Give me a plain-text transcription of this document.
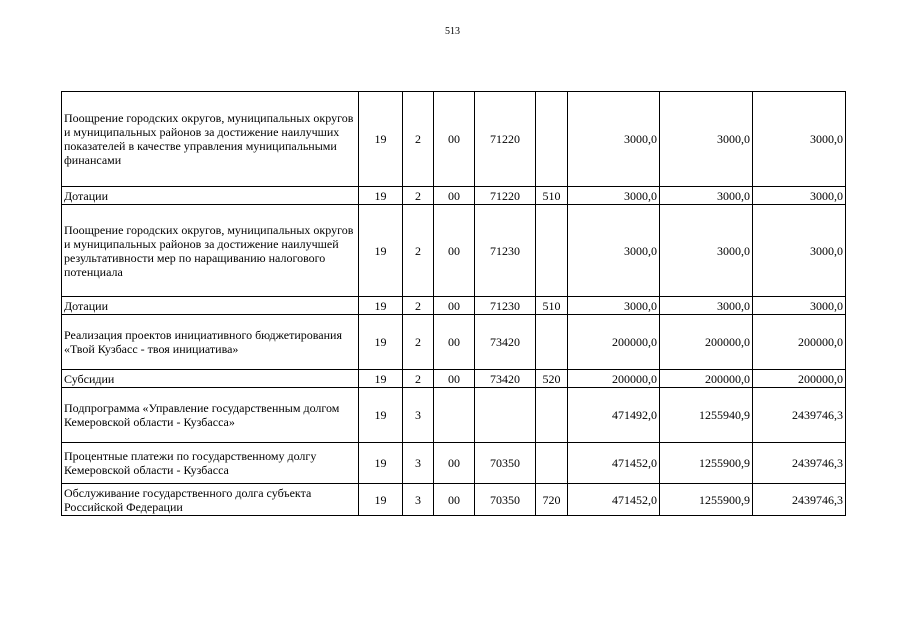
513
Поощрение городских округов, муниципальных округов и муниципальных районов за достижение наилучших показателей в качестве управления муниципальными финансами	19	2	00	71220		3000,0	3000,0	3000,0
Дотации	19	2	00	71220	510	3000,0	3000,0	3000,0
Поощрение городских округов, муниципальных округов и муниципальных районов за достижение наилучшей результативности мер по наращиванию налогового потенциала	19	2	00	71230		3000,0	3000,0	3000,0
Дотации	19	2	00	71230	510	3000,0	3000,0	3000,0
Реализация проектов инициативного бюджетирования «Твой Кузбасс - твоя инициатива»	19	2	00	73420		200000,0	200000,0	200000,0
Субсидии	19	2	00	73420	520	200000,0	200000,0	200000,0
Подпрограмма «Управление государственным долгом Кемеровской области - Кузбасса»	19	3				471492,0	1255940,9	2439746,3
Процентные платежи по государственному долгу Кемеровской области - Кузбасса	19	3	00	70350		471452,0	1255900,9	2439746,3
Обслуживание государственного долга субъекта Российской Федерации	19	3	00	70350	720	471452,0	1255900,9	2439746,3
